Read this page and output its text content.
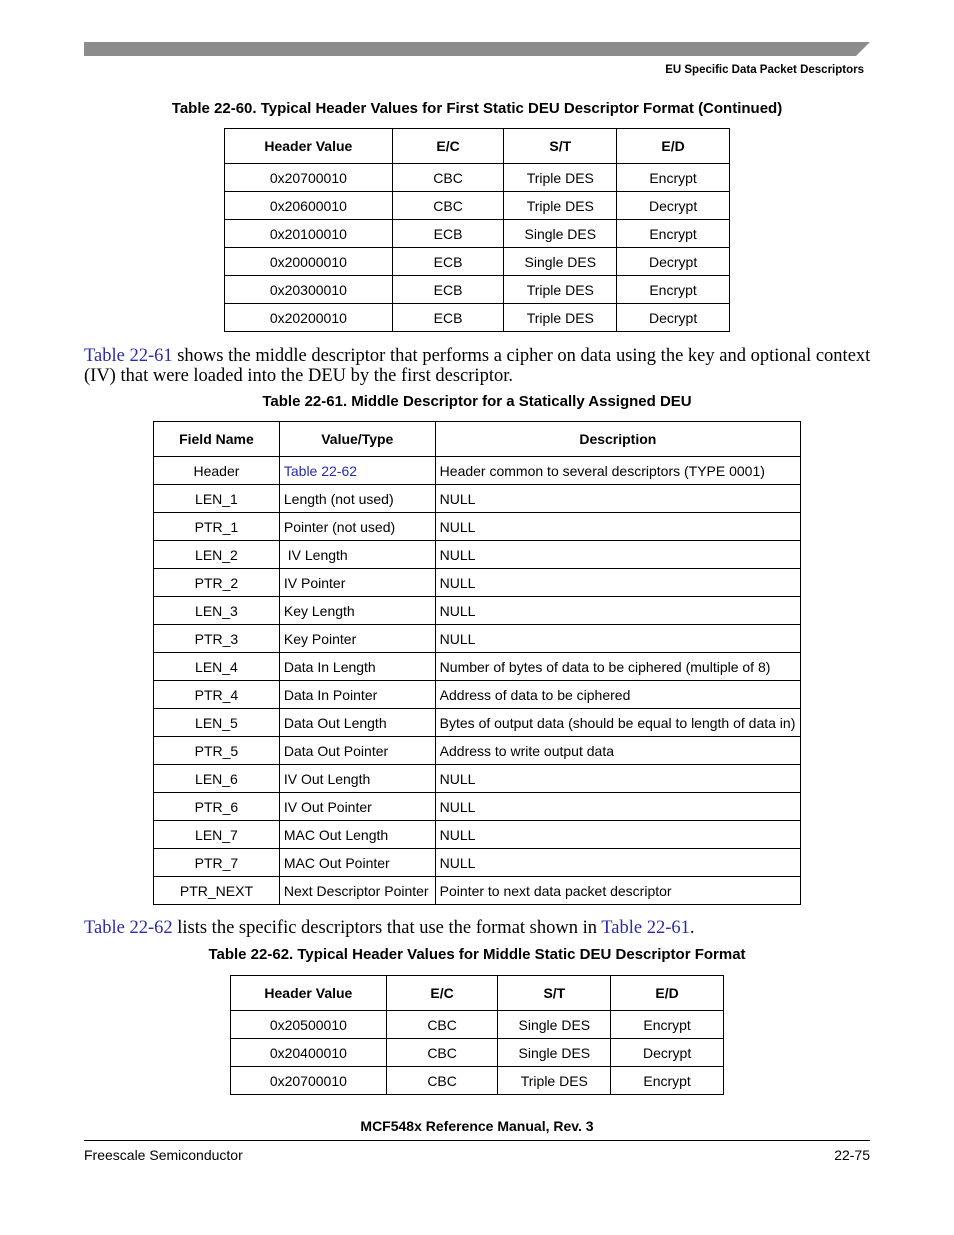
EU Specific Data Packet Descriptors
Table 22-60. Typical Header Values for First Static DEU Descriptor Format (Continued)
Header Value	E/C	S/T	E/D
0x20700010	CBC	Triple DES	Encrypt
0x20600010	CBC	Triple DES	Decrypt
0x20100010	ECB	Single DES	Encrypt
0x20000010	ECB	Single DES	Decrypt
0x20300010	ECB	Triple DES	Encrypt
0x20200010	ECB	Triple DES	Decrypt
Table 22-61 shows the middle descriptor that performs a cipher on data using the key and optional context (IV) that were loaded into the DEU by the first descriptor.
Table 22-61. Middle Descriptor for a Statically Assigned DEU
Field Name	Value/Type	Description
Header	Table 22-62	Header common to several descriptors (TYPE 0001)
LEN_1	Length (not used)	NULL
PTR_1	Pointer (not used)	NULL
LEN_2	IV Length	NULL
PTR_2	IV Pointer	NULL
LEN_3	Key Length	NULL
PTR_3	Key Pointer	NULL
LEN_4	Data In Length	Number of bytes of data to be ciphered (multiple of 8)
PTR_4	Data In Pointer	Address of data to be ciphered
LEN_5	Data Out Length	Bytes of output data (should be equal to length of data in)
PTR_5	Data Out Pointer	Address to write output data
LEN_6	IV Out Length	NULL
PTR_6	IV Out Pointer	NULL
LEN_7	MAC Out Length	NULL
PTR_7	MAC Out Pointer	NULL
PTR_NEXT	Next Descriptor Pointer	Pointer to next data packet descriptor
Table 22-62 lists the specific descriptors that use the format shown in Table 22-61.
Table 22-62. Typical Header Values for Middle Static DEU Descriptor Format
Header Value	E/C	S/T	E/D
0x20500010	CBC	Single DES	Encrypt
0x20400010	CBC	Single DES	Decrypt
0x20700010	CBC	Triple DES	Encrypt
MCF548x Reference Manual, Rev. 3
Freescale Semiconductor	22-75
